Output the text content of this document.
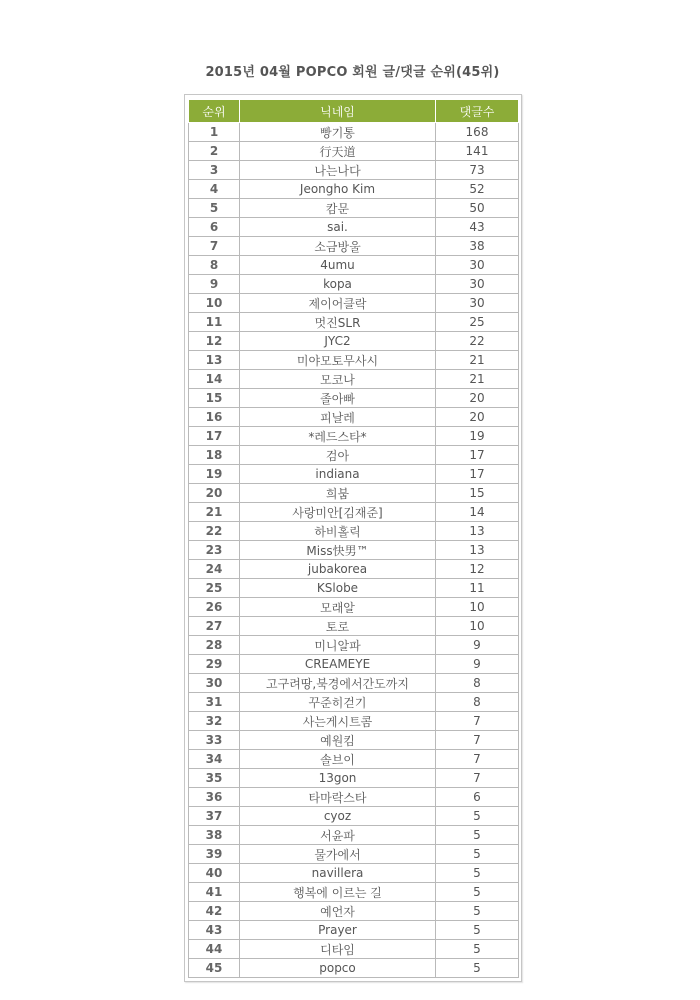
2015년 04월 POPCO 회원 글/댓글 순위(45위)
순위	닉네임	댓글수
1	빵기통	168
2	行天道	141
3	나는나다	73
4	Jeongho Kim	52
5	캄문	50
6	sai.	43
7	소금방울	38
8	4umu	30
9	kopa	30
10	제이어클락	30
11	멋진SLR	25
12	JYC2	22
13	미야모토무사시	21
14	모코나	21
15	졸아빠	20
16	피날레	20
17	*레드스타*	19
18	검아	17
19	indiana	17
20	희붐	15
21	사랑미안[김재준]	14
22	하비홀릭	13
23	Miss快男™	13
24	jubakorea	12
25	KSlobe	11
26	모래알	10
27	토로	10
28	미니알파	9
29	CREAMEYE	9
30	고구려땅,북경에서간도까지	8
31	꾸준히걷기	8
32	사는게시트콤	7
33	예원킴	7
34	솔브이	7
35	13gon	7
36	타마락스타	6
37	cyoz	5
38	서윤파	5
39	물가에서	5
40	navillera	5
41	행복에 이르는 길	5
42	예언자	5
43	Prayer	5
44	디타임	5
45	popco	5
